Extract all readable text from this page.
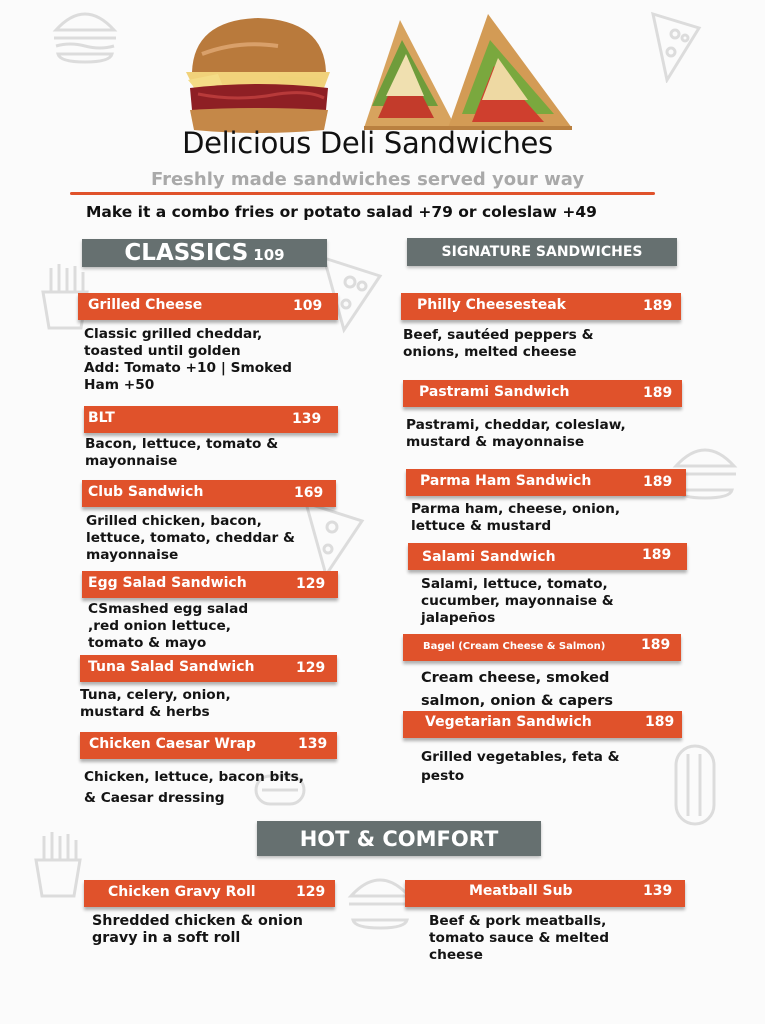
Delicious Deli Sandwiches
Freshly made sandwiches served your way
Make it a combo fries or potato salad +79 or coleslaw +49
CLASSICS 109	SIGNATURE SANDWICHES
HOT & COMFORT
Grilled Cheese	109
Classic grilled cheddar,
toasted until golden
Add: Tomato +10 | Smoked
Ham +50
BLT	139
Bacon, lettuce, tomato &
mayonnaise
Club Sandwich	169
Grilled chicken, bacon,
lettuce, tomato, cheddar &
mayonnaise
Egg Salad Sandwich	129
CSmashed egg salad
,red onion lettuce,
tomato & mayo
Tuna Salad Sandwich	129
Tuna, celery, onion,
mustard & herbs
Chicken Caesar Wrap	139
Chicken, lettuce, bacon bits,
& Caesar dressing
Philly Cheesesteak	189
Beef, sautéed peppers &
onions, melted cheese
Pastrami Sandwich	189
Pastrami, cheddar, coleslaw,
mustard & mayonnaise
Parma Ham Sandwich	189
Parma ham, cheese, onion,
lettuce & mustard
Salami Sandwich	189
Salami, lettuce, tomato,
cucumber, mayonnaise &
jalapeños
Bagel (Cream Cheese & Salmon)	189
Cream cheese, smoked
salmon, onion & capers
Vegetarian Sandwich	189
Grilled vegetables, feta &
pesto
Chicken Gravy Roll	129
Shredded chicken & onion
gravy in a soft roll
Meatball Sub	139
Beef & pork meatballs,
tomato sauce & melted
cheese
